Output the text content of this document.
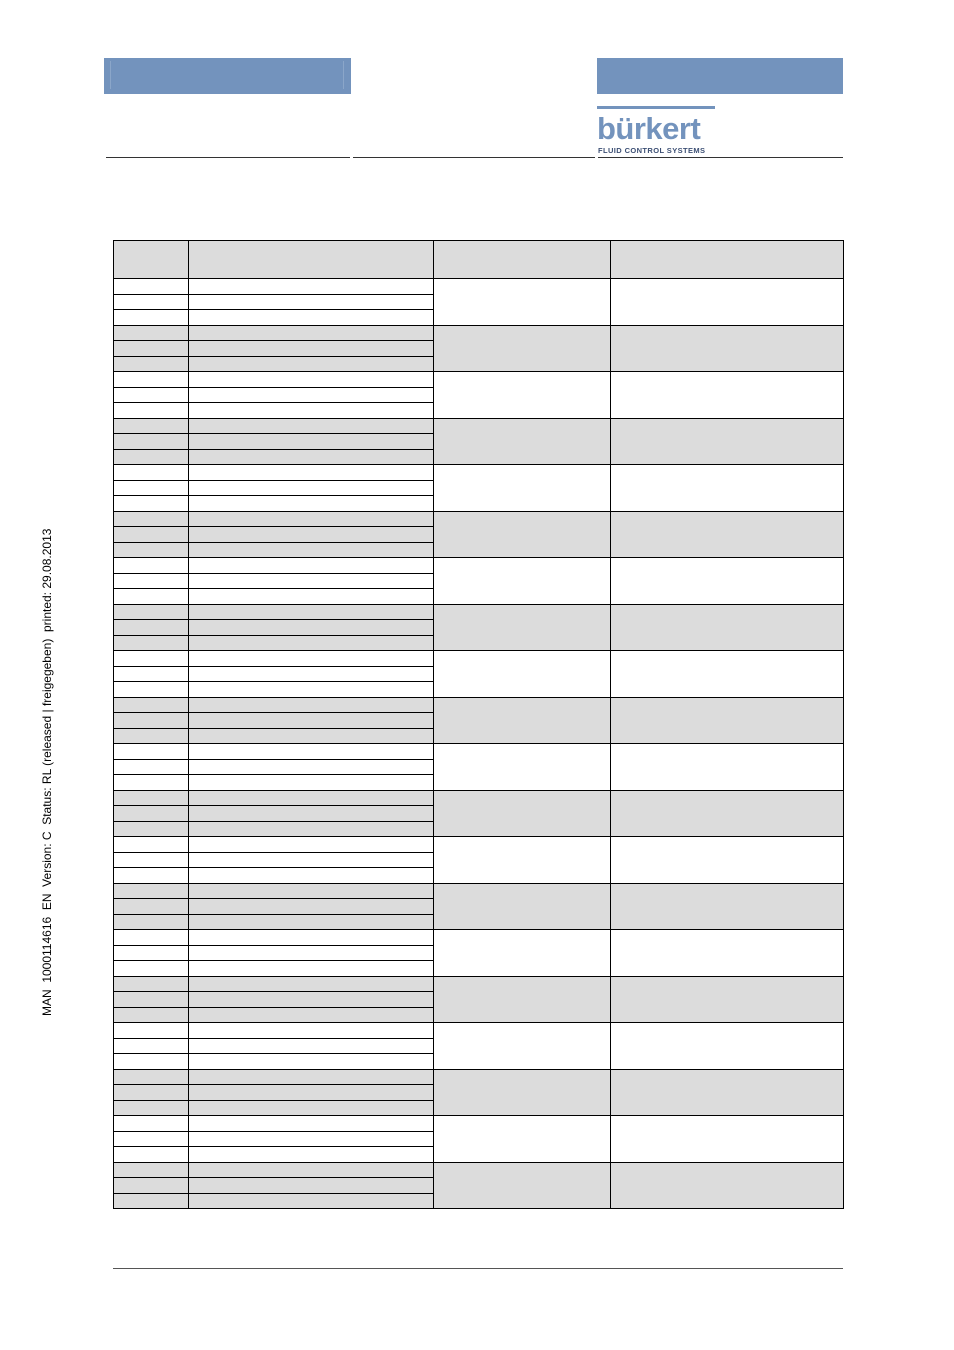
bürkert
FLUID CONTROL SYSTEMS
MAN  1000114616  EN  Version: C  Status: RL (released | freigegeben)  printed: 29.08.2013
